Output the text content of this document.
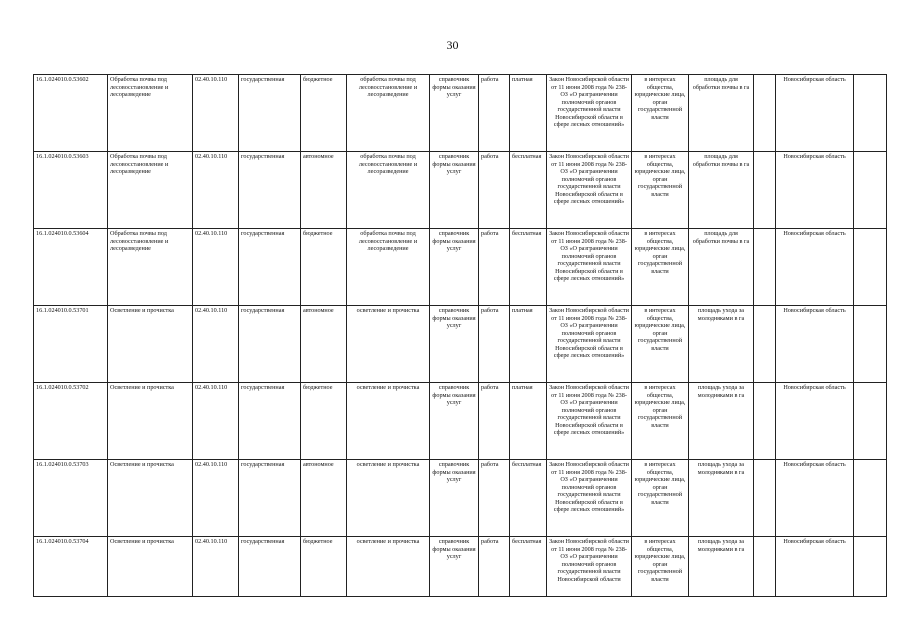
30
16.1.024010.0.53602	Обработка почвы под лесовосстановление и лесоразведение	02.40.10.110	государственная	бюджетное	обработка почвы под лесовосстановление и лесоразведение	справочник формы оказания услуг	работа	платная	Закон Новосибирской области от 11 июня 2008 года № 238-ОЗ «О разграничении полномочий органов государственной власти Новосибирской области в сфере лесных отношений»	в интересах общества, юридические лица, орган государственной власти	площадь для обработки почвы в га		Новосибирская область	
16.1.024010.0.53603	Обработка почвы под лесовосстановление и лесоразведение	02.40.10.110	государственная	автономное	обработка почвы под лесовосстановление и лесоразведение	справочник формы оказания услуг	работа	бесплатная	Закон Новосибирской области от 11 июня 2008 года № 238-ОЗ «О разграничении полномочий органов государственной власти Новосибирской области в сфере лесных отношений»	в интересах общества, юридические лица, орган государственной власти	площадь для обработки почвы в га		Новосибирская область	
16.1.024010.0.53604	Обработка почвы под лесовосстановление и лесоразведение	02.40.10.110	государственная	бюджетное	обработка почвы под лесовосстановление и лесоразведение	справочник формы оказания услуг	работа	бесплатная	Закон Новосибирской области от 11 июня 2008 года № 238-ОЗ «О разграничении полномочий органов государственной власти Новосибирской области в сфере лесных отношений»	в интересах общества, юридические лица, орган государственной власти	площадь для обработки почвы в га		Новосибирская область	
16.1.024010.0.53701	Осветление и прочистка	02.40.10.110	государственная	автономное	осветление и прочистка	справочник формы оказания услуг	работа	платная	Закон Новосибирской области от 11 июня 2008 года № 238-ОЗ «О разграничении полномочий органов государственной власти Новосибирской области в сфере лесных отношений»	в интересах общества, юридические лица, орган государственной власти	площадь ухода за молодняками в га		Новосибирская область	
16.1.024010.0.53702	Осветление и прочистка	02.40.10.110	государственная	бюджетное	осветление и прочистка	справочник формы оказания услуг	работа	платная	Закон Новосибирской области от 11 июня 2008 года № 238-ОЗ «О разграничении полномочий органов государственной власти Новосибирской области в сфере лесных отношений»	в интересах общества, юридические лица, орган государственной власти	площадь ухода за молодняками в га		Новосибирская область	
16.1.024010.0.53703	Осветление и прочистка	02.40.10.110	государственная	автономное	осветление и прочистка	справочник формы оказания услуг	работа	бесплатная	Закон Новосибирской области от 11 июня 2008 года № 238-ОЗ «О разграничении полномочий органов государственной власти Новосибирской области в сфере лесных отношений»	в интересах общества, юридические лица, орган государственной власти	площадь ухода за молодняками в га		Новосибирская область	
16.1.024010.0.53704	Осветление и прочистка	02.40.10.110	государственная	бюджетное	осветление и прочистка	справочник формы оказания услуг	работа	бесплатная	Закон Новосибирской области от 11 июня 2008 года № 238-ОЗ «О разграничении полномочий органов государственной власти Новосибирской области	в интересах общества, юридические лица, орган государственной власти	площадь ухода за молодняками в га		Новосибирская область	
